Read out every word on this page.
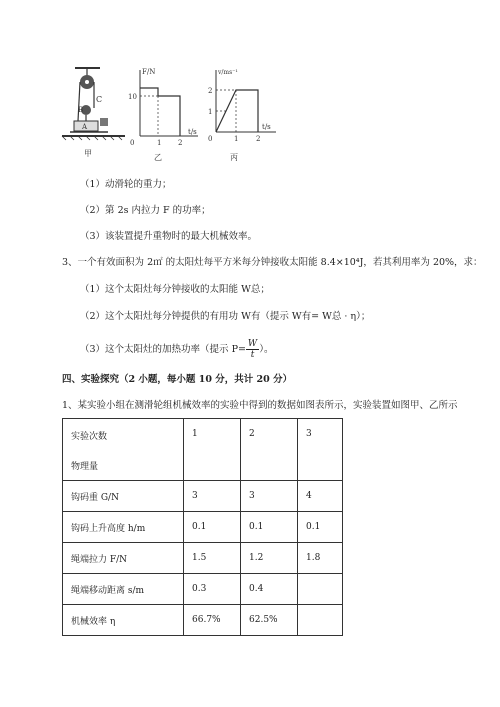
C
B
A
甲
F/N
t/s
10
0	1 2
乙
v/ms⁻¹
t/s
2
1
0	1	2
丙
（1）动滑轮的重力；
（2）第 2s 内拉力 F 的功率；
（3）该装置提升重物时的最大机械效率。
3、一个有效面积为 2㎡ 的太阳灶每平方米每分钟接收太阳能 8.4×10⁴J，若其利用率为 20%，求：
（1）这个太阳灶每分钟接收的太阳能 W总；
（2）这个太阳灶每分钟提供的有用功 W有（提示 W有= W总 · η）；
（3）这个太阳灶的加热功率（提示 $P= \frac{W}{t}$ ）。
四、实验探究（2 小题，每小题 10 分，共计 20 分）
1、某实验小组在测滑轮组机械效率的实验中得到的数据如图表所示，实验装置如图甲、乙所示
实验次数
物理量	1	2	3

钩码重 G/N	3	3	4
钩码上升高度 h/m	0.1	0.1	0.1
绳端拉力 F/N	1.5	1.2	1.8
绳端移动距离 s/m	0.3	0.4	
机械效率 η	66.7%	62.5%	
